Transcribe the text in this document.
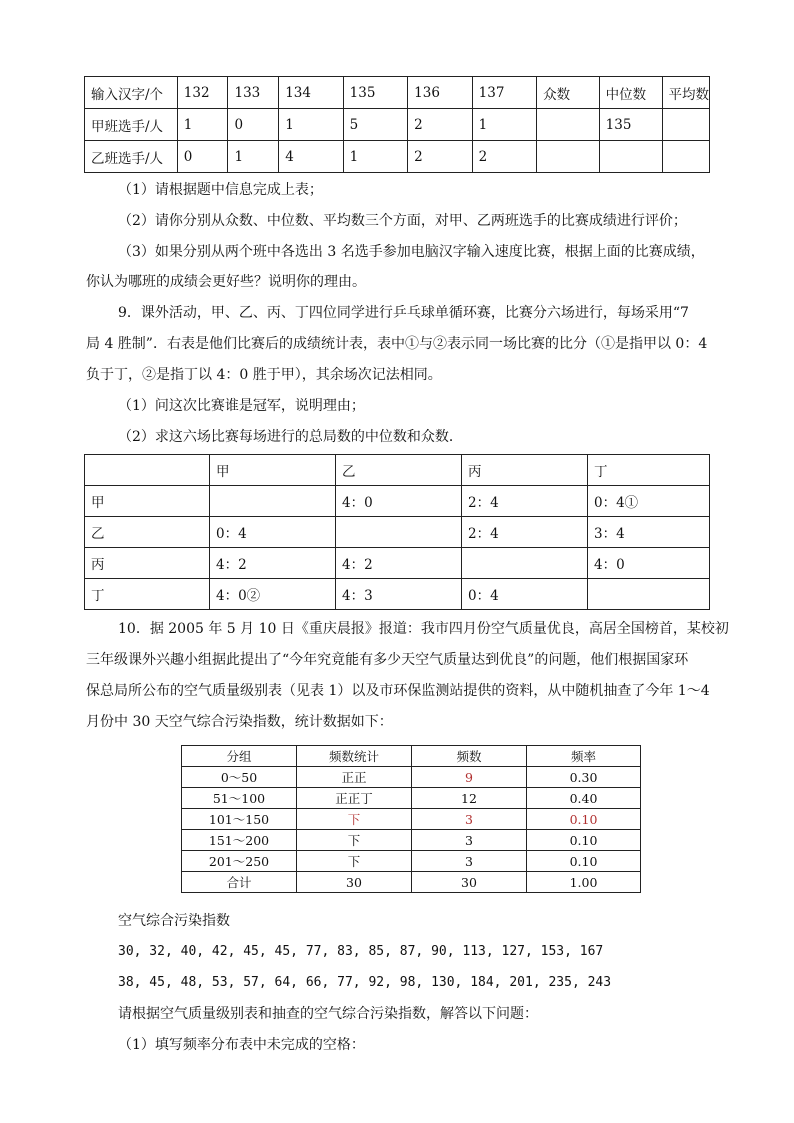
输入汉字/个	132	133	134	135	136	137	众数	中位数	平均数
甲班选手/人	1	0	1	5	2	1		135	
乙班选手/人	0	1	4	1	2	2			
（1）请根据题中信息完成上表；
（2）请你分别从众数、中位数、平均数三个方面，对甲、乙两班选手的比赛成绩进行评价；
（3）如果分别从两个班中各选出 3 名选手参加电脑汉字输入速度比赛，根据上面的比赛成绩，
你认为哪班的成绩会更好些？说明你的理由。
9．课外活动，甲、乙、丙、丁四位同学进行乒乓球单循环赛，比赛分六场进行，每场采用“7
局 4 胜制”．右表是他们比赛后的成绩统计表，表中①与②表示同一场比赛的比分（①是指甲以 0：4
负于丁，②是指丁以 4：0 胜于甲），其余场次记法相同。
（1）问这次比赛谁是冠军，说明理由；
（2）求这六场比赛每场进行的总局数的中位数和众数．
	甲	乙	丙	丁
甲		4：0	2：4	0：4①
乙	0：4		2：4	3：4
丙	4：2	4：2		4：0
丁	4：0②	4：3	0：4	
10．据 2005 年 5 月 10 日《重庆晨报》报道：我市四月份空气质量优良，高居全国榜首，某校初
三年级课外兴趣小组据此提出了“今年究竟能有多少天空气质量达到优良”的问题，他们根据国家环
保总局所公布的空气质量级别表（见表 1）以及市环保监测站提供的资料，从中随机抽查了今年 1～4
月份中 30 天空气综合污染指数，统计数据如下：
分组	频数统计	频数	频率
0～50	正正	9	0.30
51～100	正正丁	12	0.40
101～150	下	3	0.10
151～200	下	3	0.10
201～250	下	3	0.10
合计	30	30	1.00
空气综合污染指数
30, 32, 40, 42, 45, 45, 77, 83, 85, 87, 90, 113, 127, 153, 167
38, 45, 48, 53, 57, 64, 66, 77, 92, 98, 130, 184, 201, 235, 243
请根据空气质量级别表和抽查的空气综合污染指数，解答以下问题：
（1）填写频率分布表中未完成的空格：
